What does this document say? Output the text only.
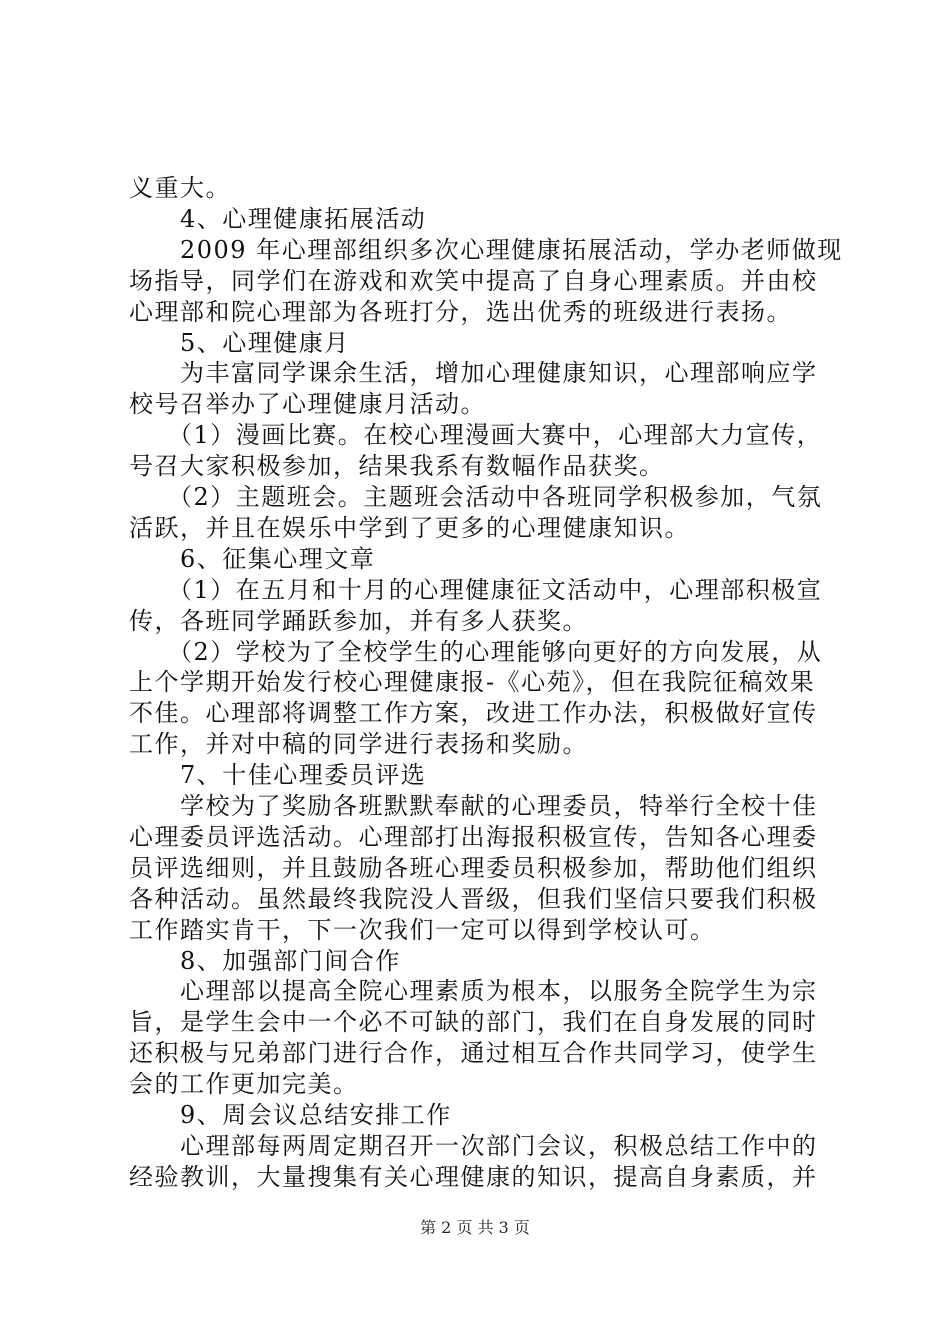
义重大。
　　4、心理健康拓展活动
　　2009 年心理部组织多次心理健康拓展活动，学办老师做现
场指导，同学们在游戏和欢笑中提高了自身心理素质。并由校
心理部和院心理部为各班打分，选出优秀的班级进行表扬。
　　5、心理健康月
　　为丰富同学课余生活，增加心理健康知识，心理部响应学
校号召举办了心理健康月活动。
　　（1）漫画比赛。在校心理漫画大赛中，心理部大力宣传，
号召大家积极参加，结果我系有数幅作品获奖。
　　（2）主题班会。主题班会活动中各班同学积极参加，气氛
活跃，并且在娱乐中学到了更多的心理健康知识。
　　6、征集心理文章
　　（1）在五月和十月的心理健康征文活动中，心理部积极宣
传，各班同学踊跃参加，并有多人获奖。
　　（2）学校为了全校学生的心理能够向更好的方向发展，从
上个学期开始发行校心理健康报-《心苑》，但在我院征稿效果
不佳。心理部将调整工作方案，改进工作办法，积极做好宣传
工作，并对中稿的同学进行表扬和奖励。
　　7、十佳心理委员评选
　　学校为了奖励各班默默奉献的心理委员，特举行全校十佳
心理委员评选活动。心理部打出海报积极宣传，告知各心理委
员评选细则，并且鼓励各班心理委员积极参加，帮助他们组织
各种活动。虽然最终我院没人晋级，但我们坚信只要我们积极
工作踏实肯干，下一次我们一定可以得到学校认可。
　　8、加强部门间合作
　　心理部以提高全院心理素质为根本，以服务全院学生为宗
旨，是学生会中一个必不可缺的部门，我们在自身发展的同时
还积极与兄弟部门进行合作，通过相互合作共同学习，使学生
会的工作更加完美。
　　9、周会议总结安排工作
　　心理部每两周定期召开一次部门会议，积极总结工作中的
经验教训，大量搜集有关心理健康的知识，提高自身素质，并
第 2 页 共 3 页
